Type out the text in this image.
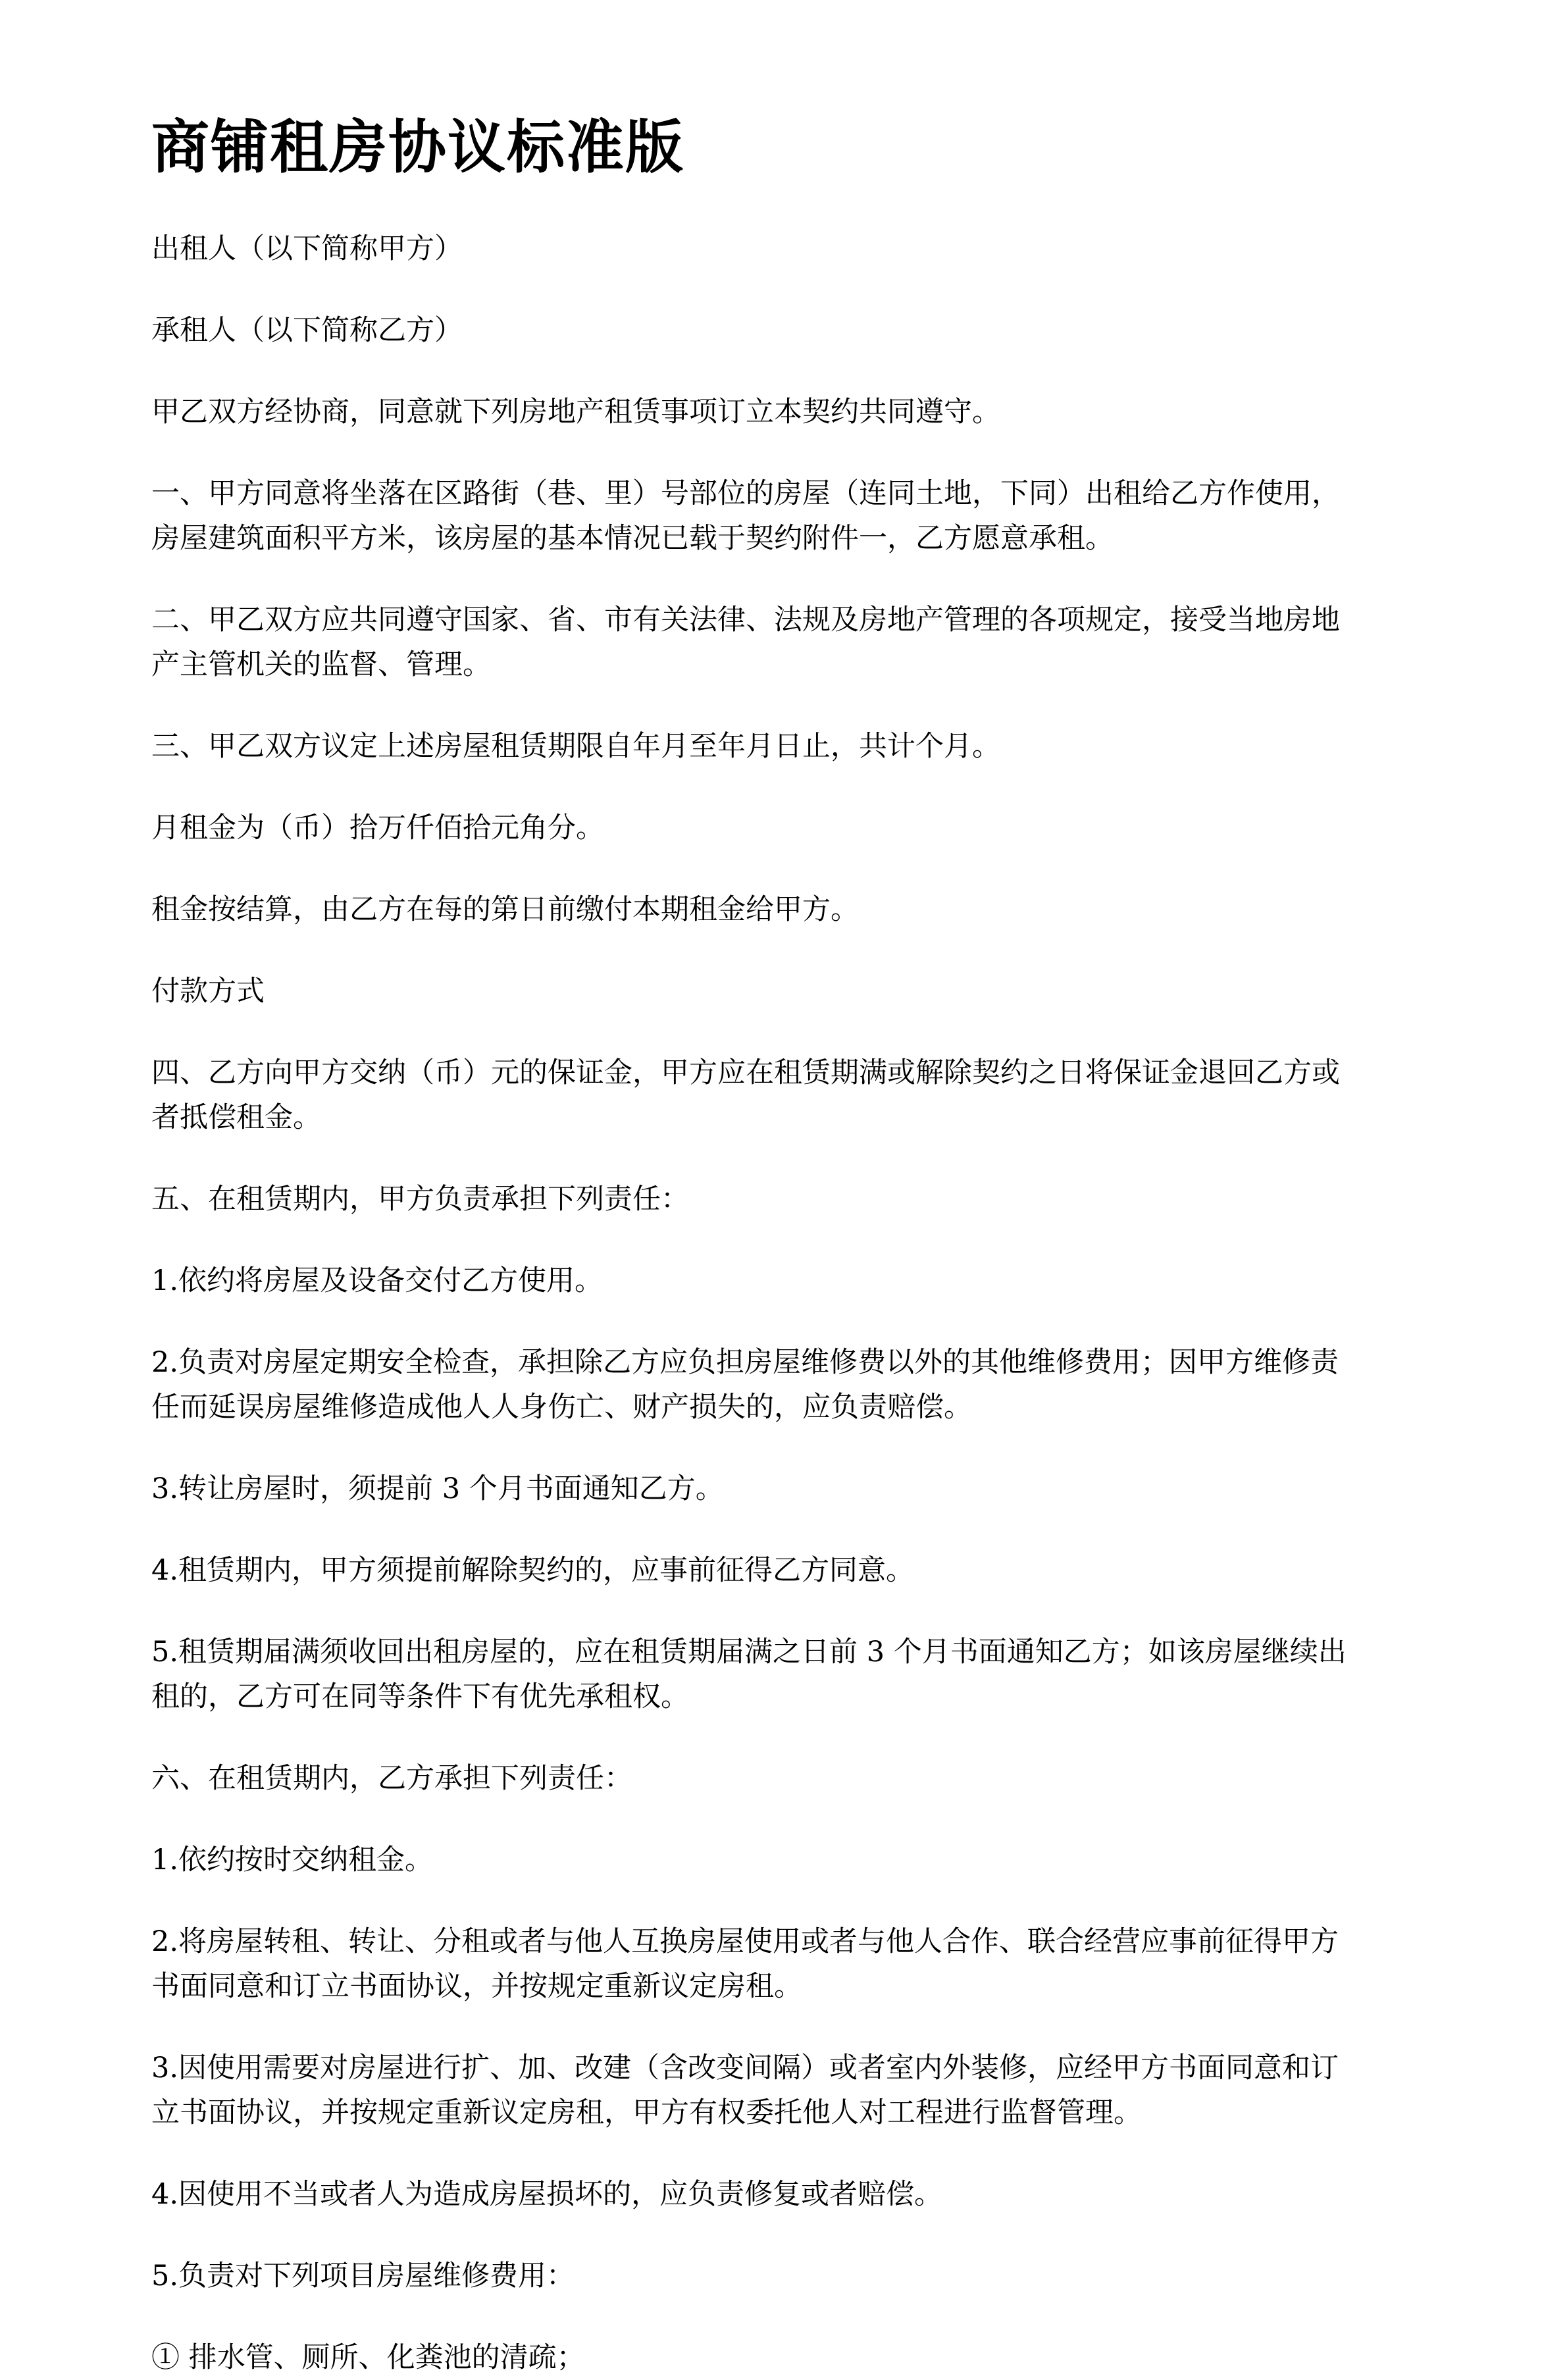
商铺租房协议标准版

出租人（以下简称甲方）

承租人（以下简称乙方）

甲乙双方经协商，同意就下列房地产租赁事项订立本契约共同遵守。

一、甲方同意将坐落在区路街（巷、里）号部位的房屋（连同土地，下同）出租给乙方作使用，
房屋建筑面积平方米，该房屋的基本情况已载于契约附件一，乙方愿意承租。

二、甲乙双方应共同遵守国家、省、市有关法律、法规及房地产管理的各项规定，接受当地房地
产主管机关的监督、管理。

三、甲乙双方议定上述房屋租赁期限自年月至年月日止，共计个月。

月租金为（币）拾万仟佰拾元角分。

租金按结算，由乙方在每的第日前缴付本期租金给甲方。

付款方式

四、乙方向甲方交纳（币）元的保证金，甲方应在租赁期满或解除契约之日将保证金退回乙方或
者抵偿租金。

五、在租赁期内，甲方负责承担下列责任：

1.依约将房屋及设备交付乙方使用。

2.负责对房屋定期安全检查，承担除乙方应负担房屋维修费以外的其他维修费用；因甲方维修责
任而延误房屋维修造成他人人身伤亡、财产损失的，应负责赔偿。

3.转让房屋时，须提前 3 个月书面通知乙方。

4.租赁期内，甲方须提前解除契约的，应事前征得乙方同意。

5.租赁期届满须收回出租房屋的，应在租赁期届满之日前 3 个月书面通知乙方；如该房屋继续出
租的，乙方可在同等条件下有优先承租权。

六、在租赁期内，乙方承担下列责任：

1.依约按时交纳租金。

2.将房屋转租、转让、分租或者与他人互换房屋使用或者与他人合作、联合经营应事前征得甲方
书面同意和订立书面协议，并按规定重新议定房租。

3.因使用需要对房屋进行扩、加、改建（含改变间隔）或者室内外装修，应经甲方书面同意和订
立书面协议，并按规定重新议定房租，甲方有权委托他人对工程进行监督管理。

4.因使用不当或者人为造成房屋损坏的，应负责修复或者赔偿。

5.负责对下列项目房屋维修费用：

① 排水管、厕所、化粪池的清疏；
